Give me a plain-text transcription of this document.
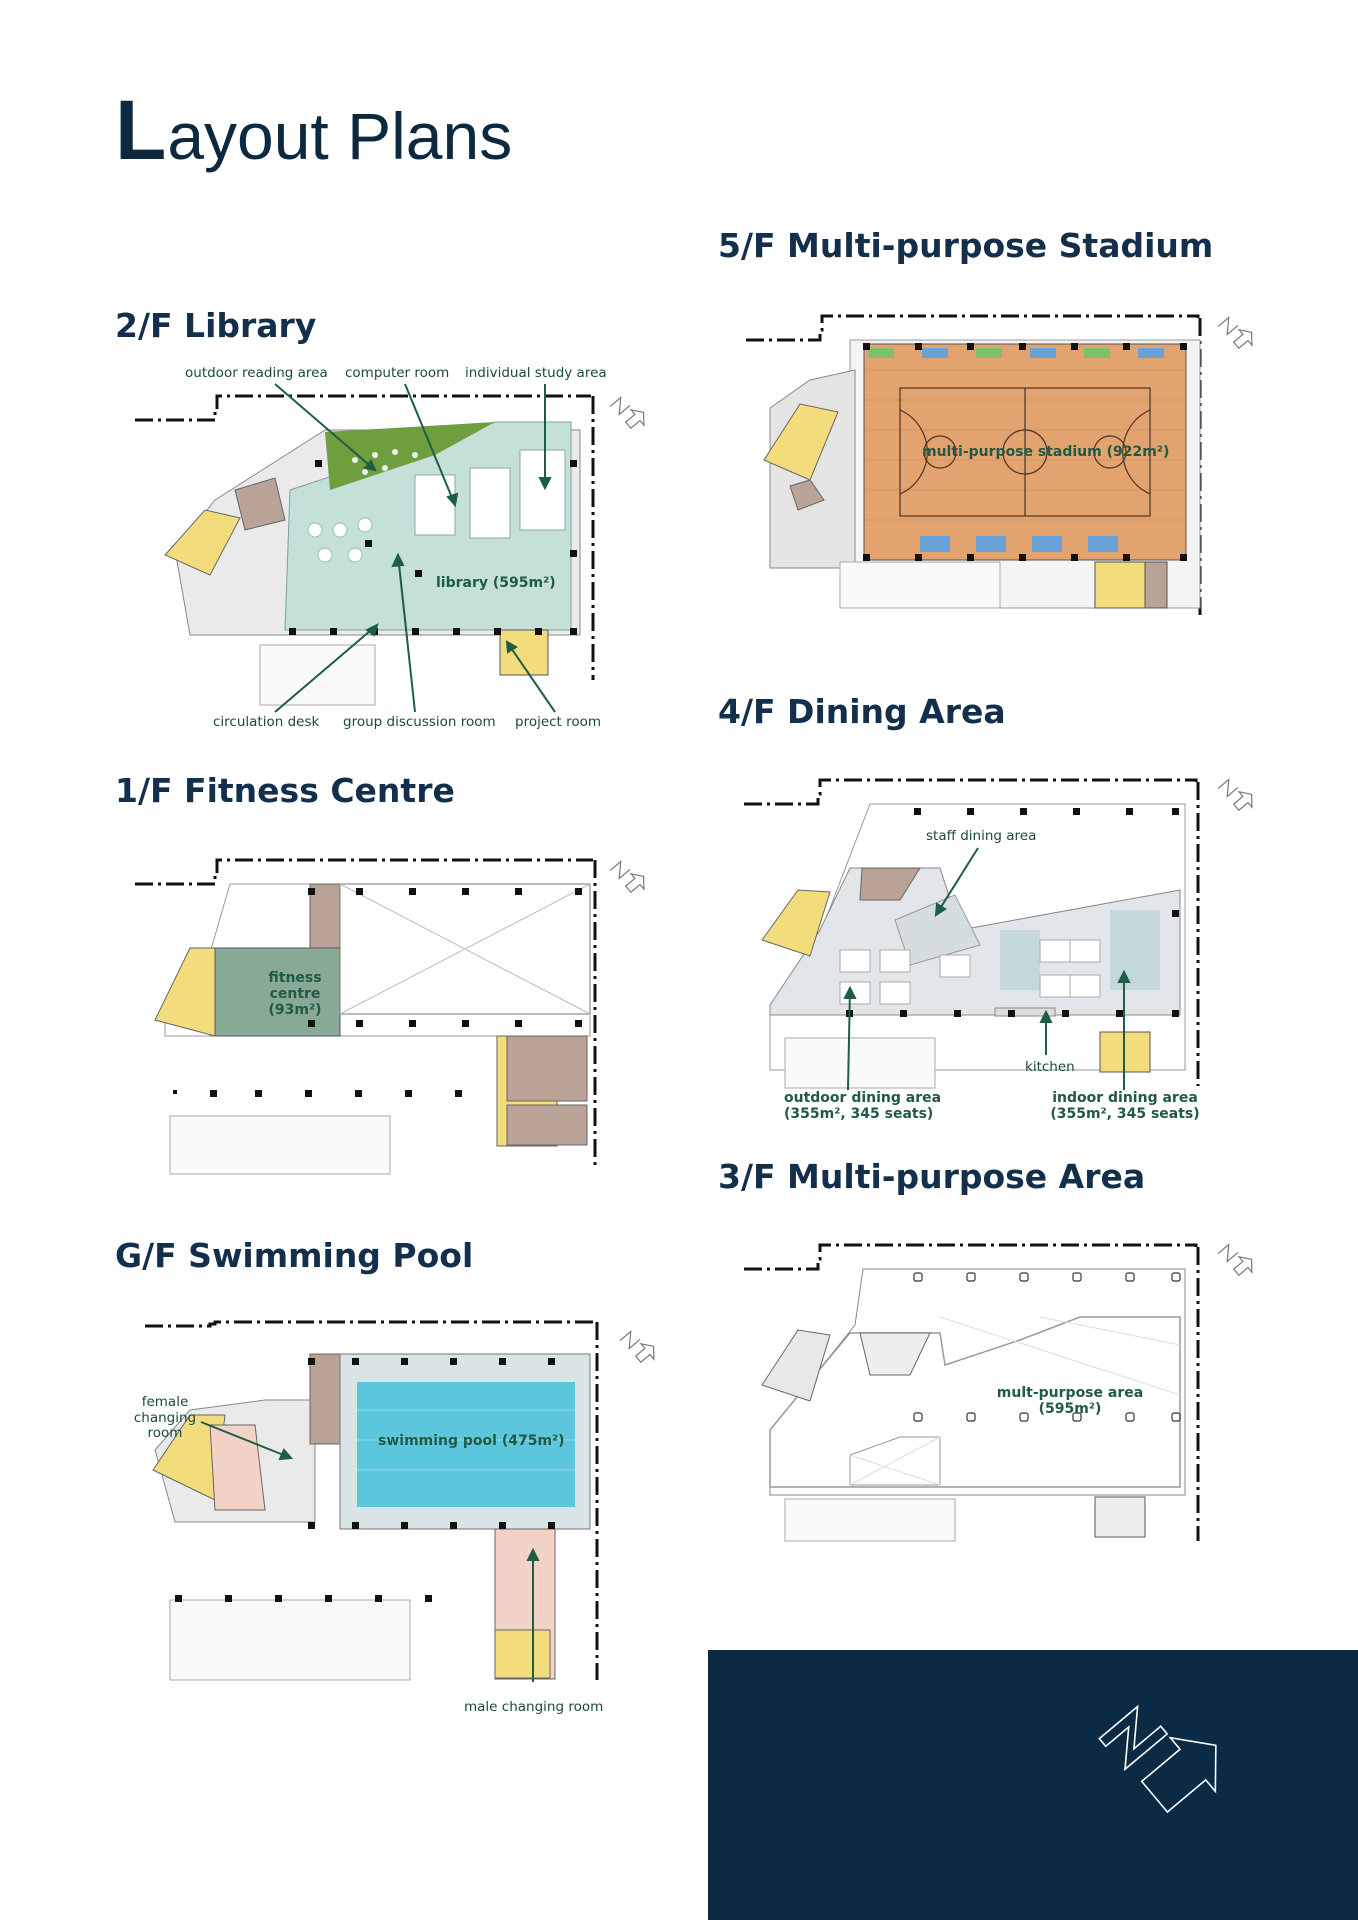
Layout Plans
5/F Multi-purpose Stadium
multi-purpose stadium (922m²)
2/F Library
outdoor reading area computer room individual study area
library (595m²)
circulation desk group discussion room project room	4/F Dining Area
staff dining area
kitchen
outdoor dining area
(355m², 345 seats)
indoor dining area
(355m², 345 seats)
1/F Fitness Centre
fitness
centre
(93m²)
3/F Multi-purpose Area
mult-purpose area
(595m²)
G/F Swimming Pool
female
changing
room	swimming pool (475m²)
male changing room
